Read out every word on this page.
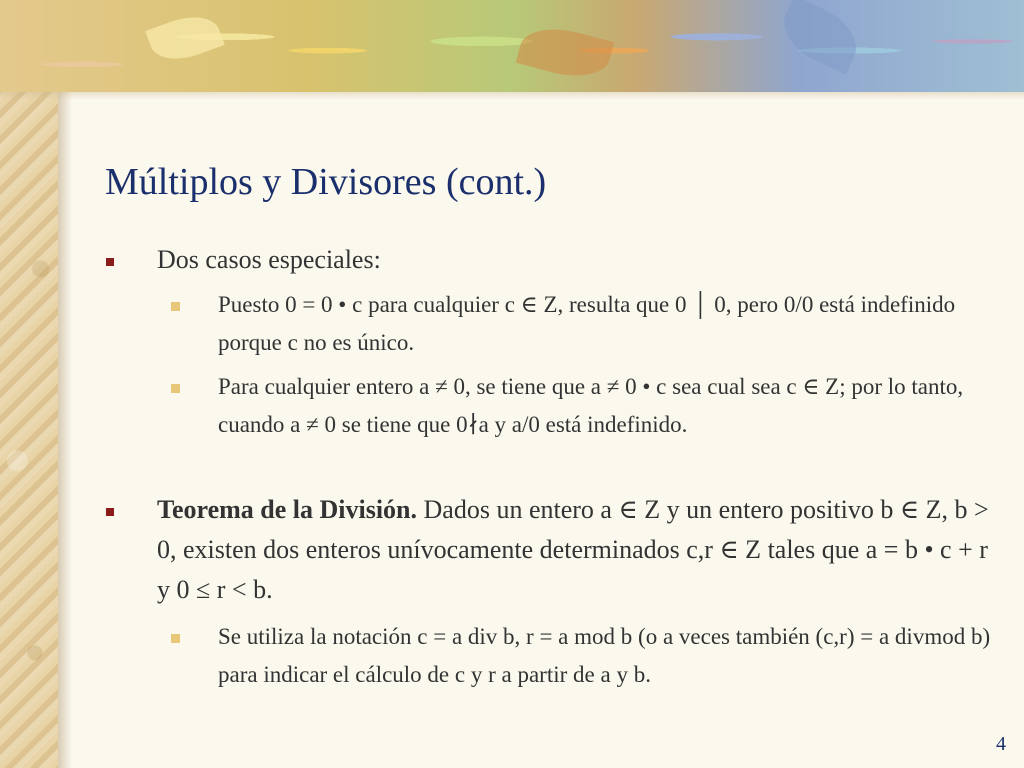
Múltiplos y Divisores (cont.)
Dos casos especiales:
Puesto 0 = 0 • c para cualquier c ∈ Z, resulta que 0 │ 0, pero 0/0 está indefinido porque c no es único.
Para cualquier entero a ≠ 0, se tiene que a ≠ 0 • c sea cual sea c ∈ Z; por lo tanto, cuando a ≠ 0 se tiene que 0∤a y a/0 está indefinido.
Teorema de la División. Dados un entero a ∈ Z y un entero positivo b ∈ Z, b > 0, existen dos enteros unívocamente determinados c,r ∈ Z tales que a = b • c + r y 0 ≤ r < b.
Se utiliza la notación c = a div b, r = a mod b (o a veces también (c,r) = a divmod b) para indicar el cálculo de c y r a partir de a y b.
4
